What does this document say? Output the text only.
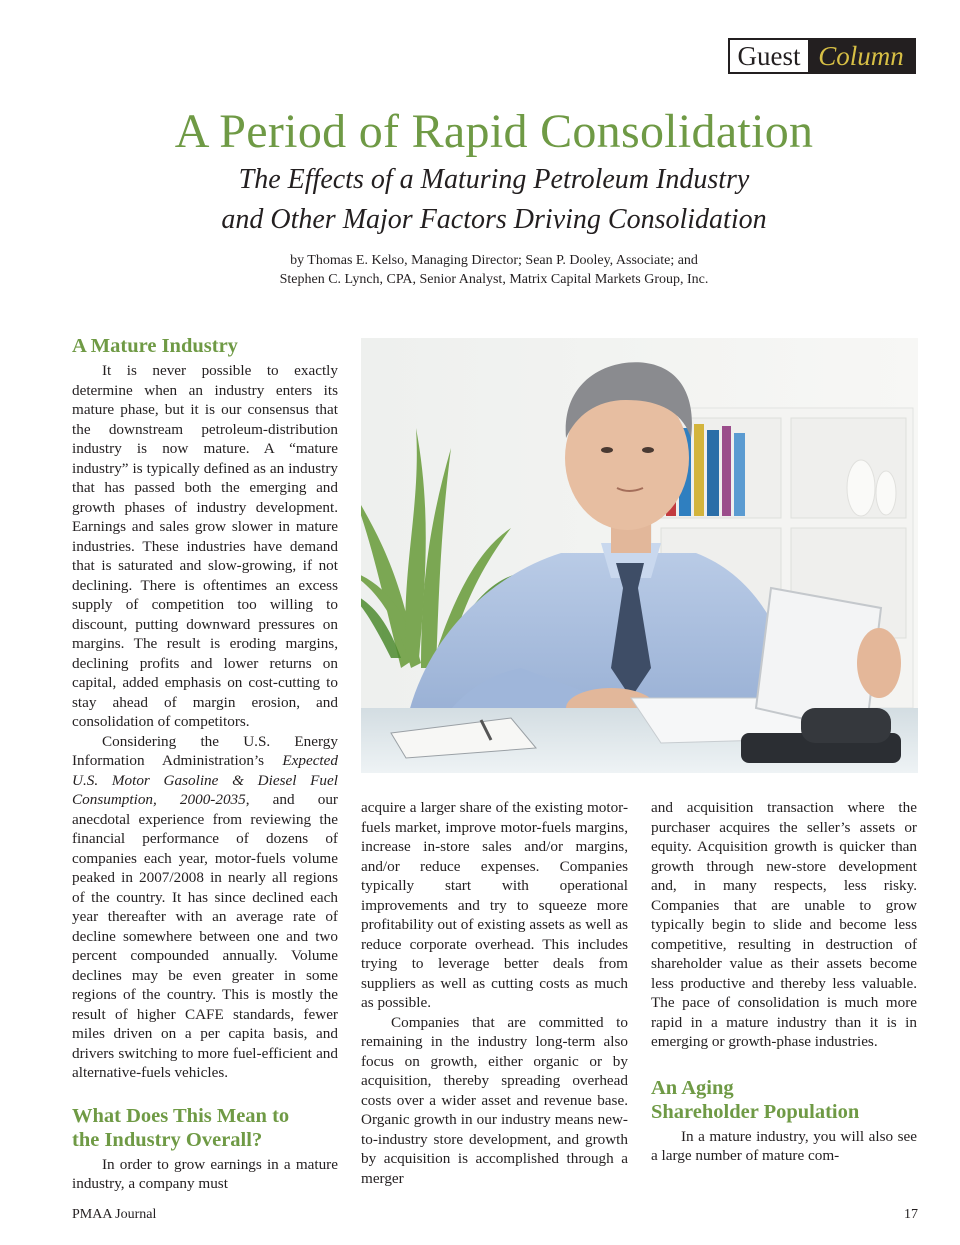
Guest Column
A Period of Rapid Consolidation
The Effects of a Maturing Petroleum Industry
and Other Major Factors Driving Consolidation
by Thomas E. Kelso, Managing Director; Sean P. Dooley, Associate; and
Stephen C. Lynch, CPA, Senior Analyst, Matrix Capital Markets Group, Inc.
A Mature Industry

It is never possible to exactly determine when an industry enters its mature phase, but it is our consensus that the downstream petroleum-distribution industry is now mature. A “mature industry” is typically defined as an industry that has passed both the emerging and growth phases of industry development. Earnings and sales grow slower in mature industries. These industries have demand that is saturated and slow-growing, if not declining. There is oftentimes an excess supply of competition too willing to discount, putting downward pressures on margins. The result is eroding margins, declining profits and lower returns on capital, added emphasis on cost-cutting to stay ahead of margin erosion, and consolidation of competitors.

Considering the U.S. Energy Information Administration’s Expected U.S. Motor Gasoline & Diesel Fuel Consumption, 2000-2035, and our anecdotal experience from reviewing the financial performance of dozens of companies each year, motor-fuels volume peaked in 2007/2008 in nearly all regions of the country. It has since declined each year thereafter with an average rate of decline somewhere between one and two percent compounded annually. Volume declines may be even greater in some regions of the country. This is mostly the result of higher CAFE standards, fewer miles driven on a per capita basis, and drivers switching to more fuel-efficient and alternative-fuels vehicles.

What Does This Mean to
the Industry Overall?

In order to grow earnings in a mature industry, a company must

acquire a larger share of the existing motor-fuels market, improve motor-fuels margins, increase in-store sales and/or margins, and/or reduce expenses. Companies typically start with operational improvements and try to squeeze more profitability out of existing assets as well as reduce corporate overhead. This includes trying to leverage better deals from suppliers as well as cutting costs as much as possible.

Companies that are committed to remaining in the industry long-term also focus on growth, either organic or by acquisition, thereby spreading overhead costs over a wider asset and revenue base. Organic growth in our industry means new-to-industry store development, and growth by acquisition is accomplished through a merger

and acquisition transaction where the purchaser acquires the seller’s assets or equity. Acquisition growth is quicker than growth through new-store development and, in many respects, less risky. Companies that are unable to grow typically begin to slide and become less competitive, resulting in destruction of shareholder value as their assets become less productive and thereby less valuable. The pace of consolidation is much more rapid in a mature industry than it is in emerging or growth-phase industries.

An Aging
Shareholder Population

In a mature industry, you will also see a large number of mature com-

PMAA Journal	17
